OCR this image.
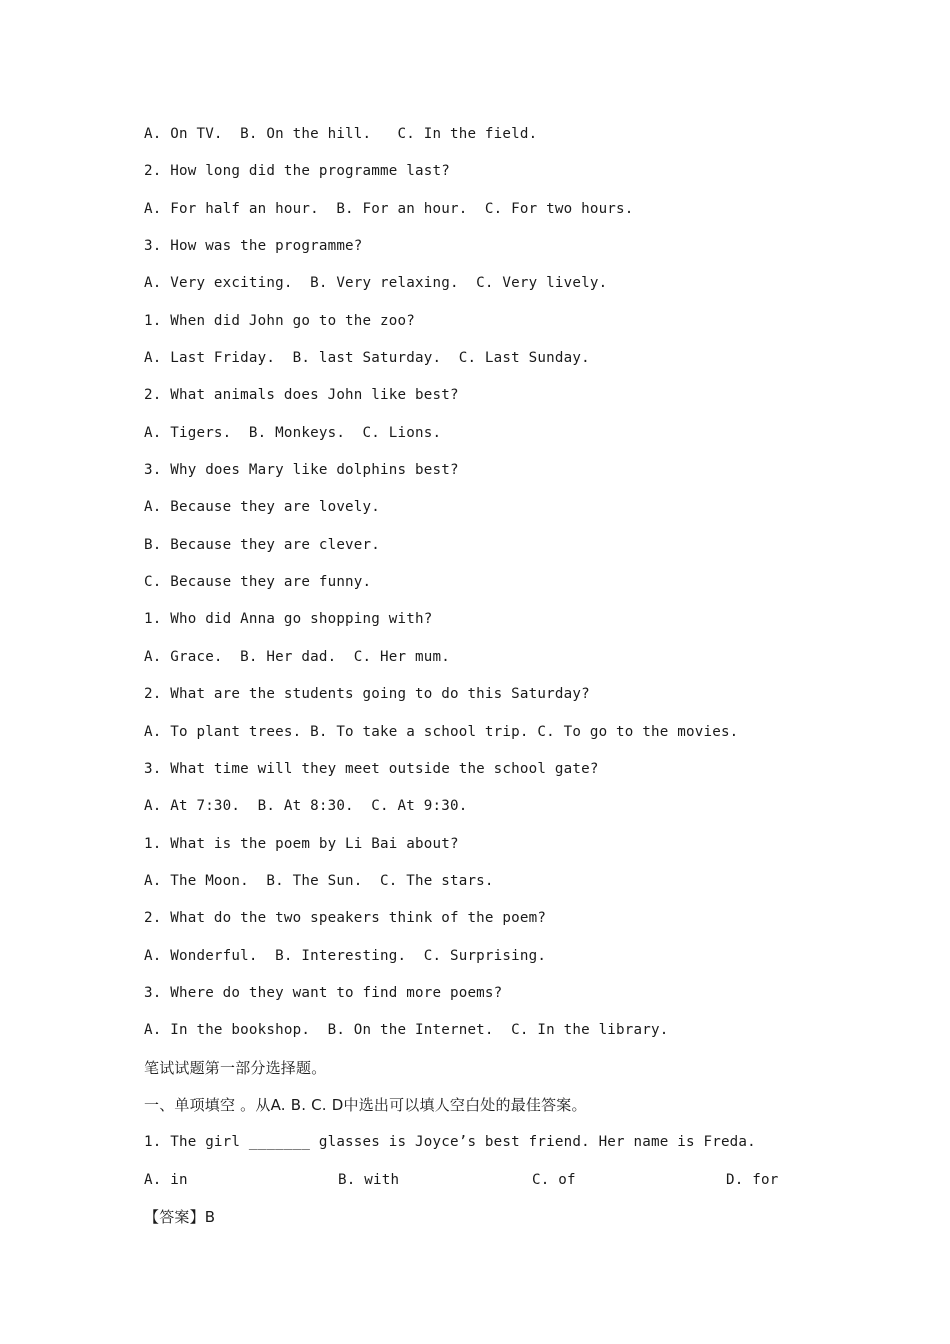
A. On TV.  B. On the hill.   C. In the field.
2. How long did the programme last?
A. For half an hour.  B. For an hour.  C. For two hours.
3. How was the programme?
A. Very exciting.  B. Very relaxing.  C. Very lively.
1. When did John go to the zoo?
A. Last Friday.  B. last Saturday.  C. Last Sunday.
2. What animals does John like best?
A. Tigers.  B. Monkeys.  C. Lions.
3. Why does Mary like dolphins best?
A. Because they are lovely.
B. Because they are clever.
C. Because they are funny.
1. Who did Anna go shopping with?
A. Grace.  B. Her dad.  C. Her mum.
2. What are the students going to do this Saturday?
A. To plant trees. B. To take a school trip. C. To go to the movies.
3. What time will they meet outside the school gate?
A. At 7:30.  B. At 8:30.  C. At 9:30.
1. What is the poem by Li Bai about?
A. The Moon.  B. The Sun.  C. The stars.
2. What do the two speakers think of the poem?
A. Wonderful.  B. Interesting.  C. Surprising.
3. Where do they want to find more poems?
A. In the bookshop.  B. On the Internet.  C. In the library.
笔试试题第一部分选择题。
一、单项填空 。从A. B. C. D中选出可以填人空白处的最佳答案。
1. The girl _______ glasses is Joyce’s best friend. Her name is Freda.
A. in	B. with	C. of	D. for
【答案】B
